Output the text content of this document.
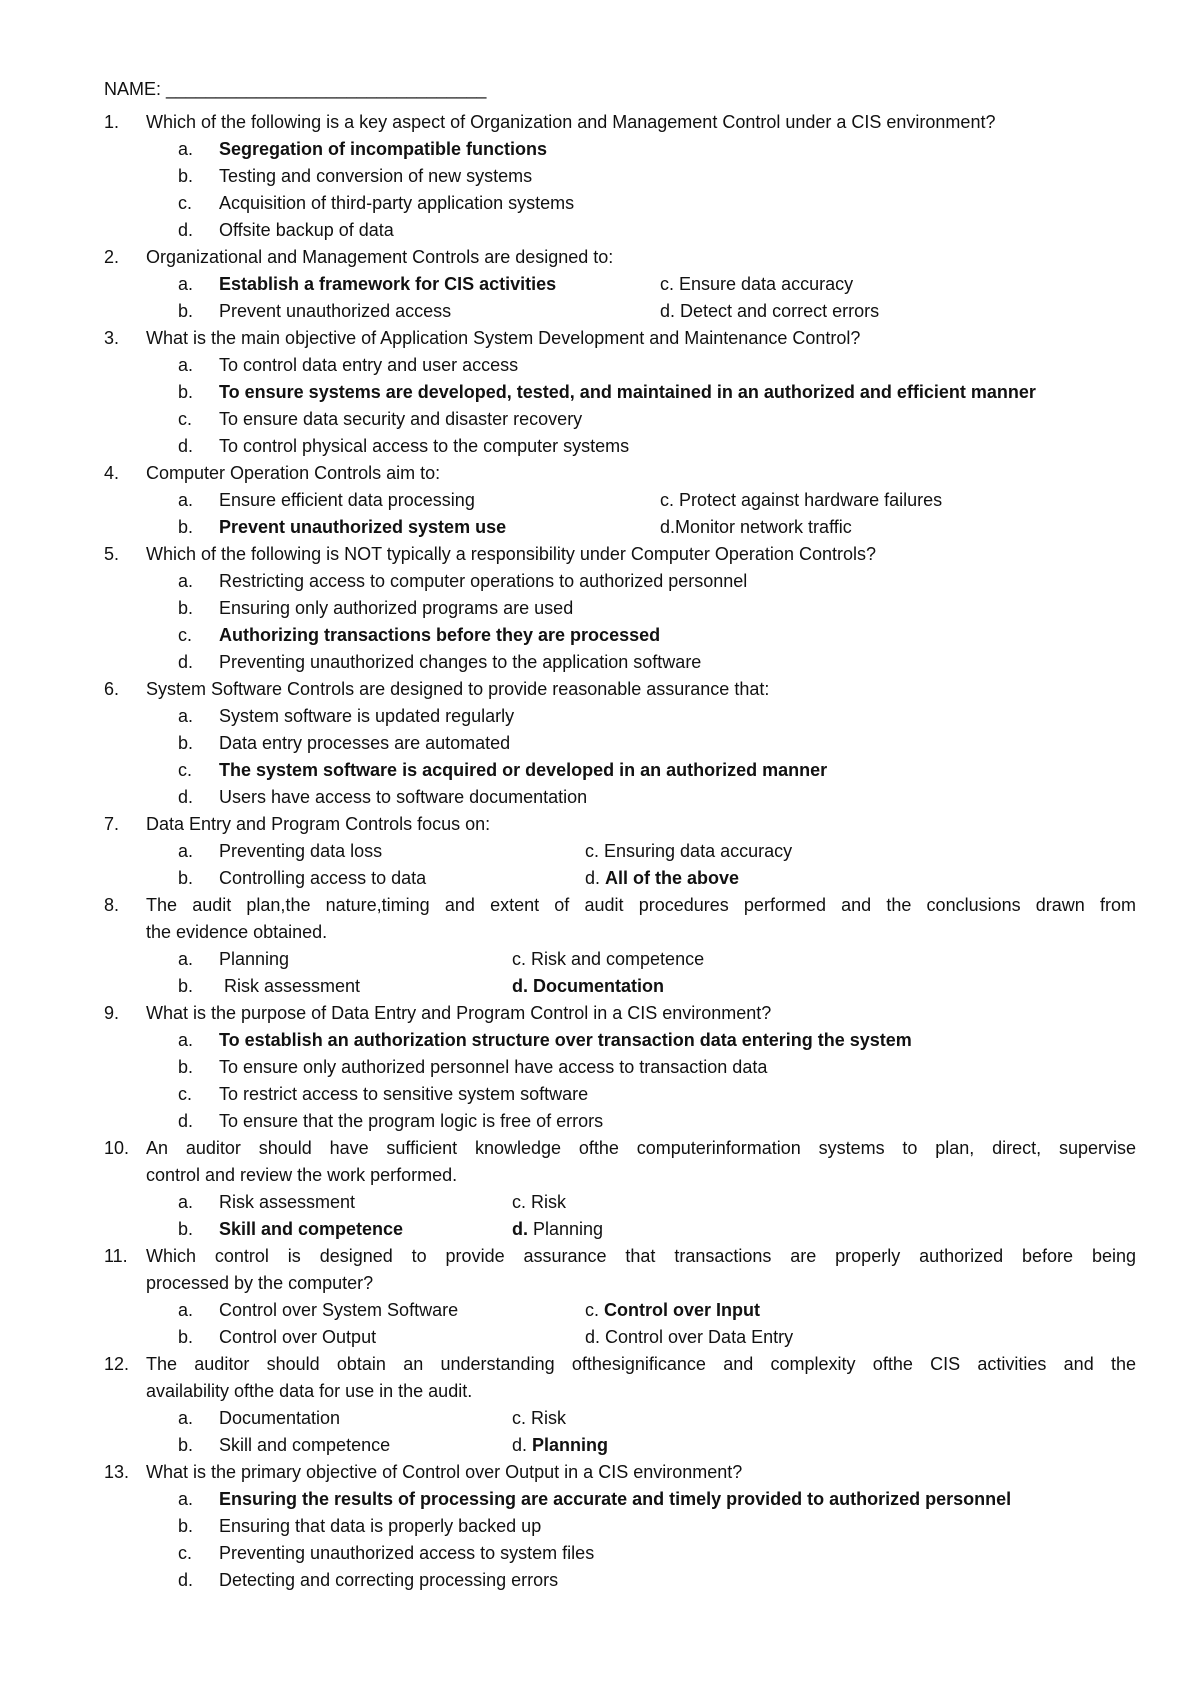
NAME: ________________________________
1. Which of the following is a key aspect of Organization and Management Control under a CIS environment?
a. Segregation of incompatible functions
b. Testing and conversion of new systems
c. Acquisition of third-party application systems
d. Offsite backup of data
2. Organizational and Management Controls are designed to:
a. Establish a framework for CIS activities	c. Ensure data accuracy
b. Prevent unauthorized access	d. Detect and correct errors
3. What is the main objective of Application System Development and Maintenance Control?
a. To control data entry and user access
b. To ensure systems are developed, tested, and maintained in an authorized and efficient manner
c. To ensure data security and disaster recovery
d. To control physical access to the computer systems
4. Computer Operation Controls aim to:
a. Ensure efficient data processing	c. Protect against hardware failures
b. Prevent unauthorized system use	d.Monitor network traffic
5. Which of the following is NOT typically a responsibility under Computer Operation Controls?
a. Restricting access to computer operations to authorized personnel
b. Ensuring only authorized programs are used
c. Authorizing transactions before they are processed
d. Preventing unauthorized changes to the application software
6. System Software Controls are designed to provide reasonable assurance that:
a. System software is updated regularly
b. Data entry processes are automated
c. The system software is acquired or developed in an authorized manner
d. Users have access to software documentation
7. Data Entry and Program Controls focus on:
a. Preventing data loss	c. Ensuring data accuracy
b. Controlling access to data	d. All of the above
8. The audit plan,the nature,timing and extent of audit procedures performed and the conclusions drawn from
the evidence obtained.
a. Planning	c. Risk and competence
b. Risk assessment	d. Documentation
9. What is the purpose of Data Entry and Program Control in a CIS environment?
a. To establish an authorization structure over transaction data entering the system
b. To ensure only authorized personnel have access to transaction data
c. To restrict access to sensitive system software
d. To ensure that the program logic is free of errors
10. An auditor should have sufficient knowledge ofthe computerinformation systems to plan, direct, supervise
control and review the work performed.
a. Risk assessment	c. Risk
b. Skill and competence	d. Planning
11. Which control is designed to provide assurance that transactions are properly authorized before being
processed by the computer?
a. Control over System Software	c. Control over Input
b. Control over Output	d. Control over Data Entry
12. The auditor should obtain an understanding ofthesignificance and complexity ofthe CIS activities and the
availability ofthe data for use in the audit.
a. Documentation	c. Risk
b. Skill and competence	d. Planning
13. What is the primary objective of Control over Output in a CIS environment?
a. Ensuring the results of processing are accurate and timely provided to authorized personnel
b. Ensuring that data is properly backed up
c. Preventing unauthorized access to system files
d. Detecting and correcting processing errors
